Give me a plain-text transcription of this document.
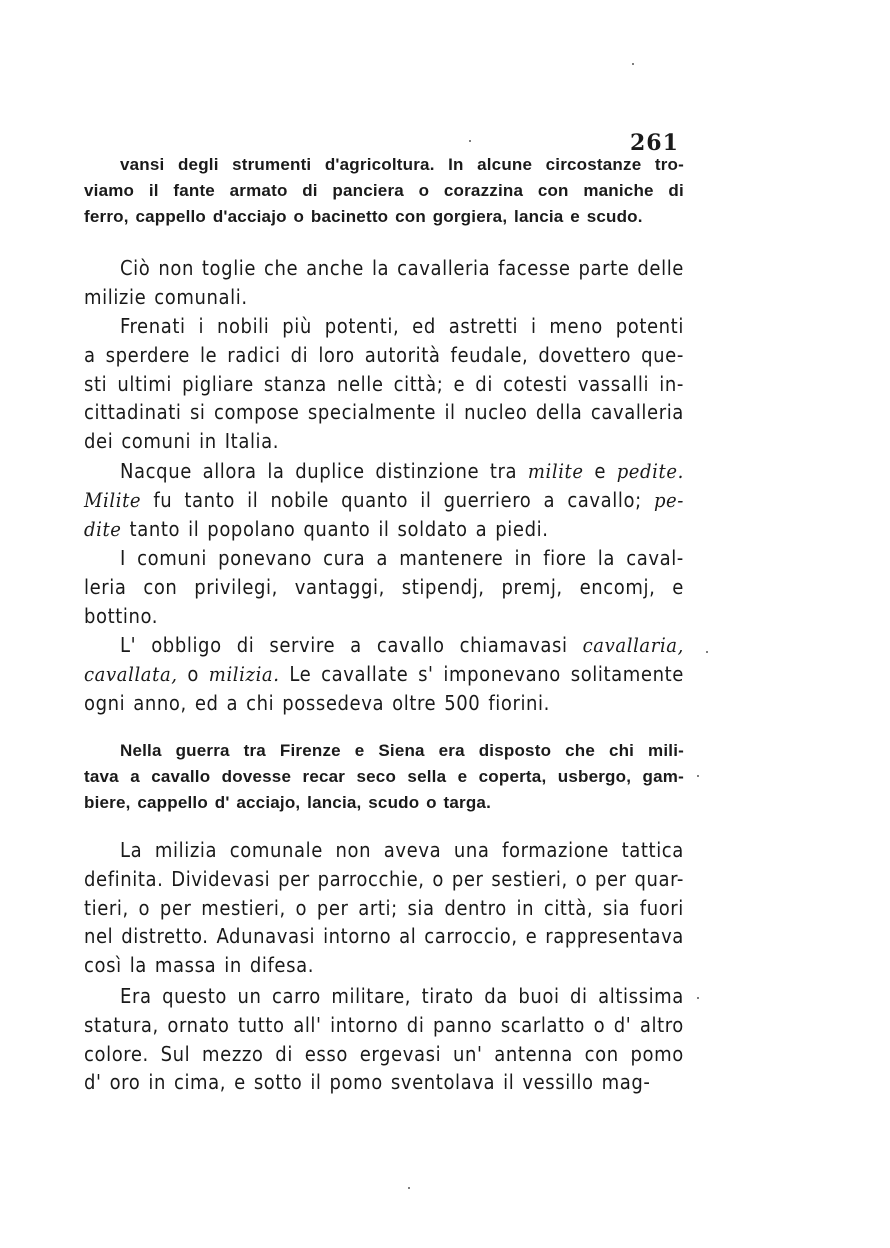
261
vansi degli strumenti d'agricoltura. In alcune circostanze tro-
viamo il fante armato di panciera o corazzina con maniche di
ferro, cappello d'acciajo o bacinetto con gorgiera, lancia e scudo.
Ciò non toglie che anche la cavalleria facesse parte delle
milizie comunali.
Frenati i nobili più potenti, ed astretti i meno potenti
a sperdere le radici di loro autorità feudale, dovettero que-
sti ultimi pigliare stanza nelle città; e di cotesti vassalli in-
cittadinati si compose specialmente il nucleo della cavalleria
dei comuni in Italia.
Nacque allora la duplice distinzione tra milite e pedite.
Milite fu tanto il nobile quanto il guerriero a cavallo; pe-
dite tanto il popolano quanto il soldato a piedi.
I comuni ponevano cura a mantenere in fiore la caval-
leria con privilegi, vantaggi, stipendj, premj, encomj, e
bottino.
L' obbligo di servire a cavallo chiamavasi cavallaria,
cavallata, o milizia. Le cavallate s' imponevano solitamente
ogni anno, ed a chi possedeva oltre 500 fiorini.
Nella guerra tra Firenze e Siena era disposto che chi mili-
tava a cavallo dovesse recar seco sella e coperta, usbergo, gam-
biere, cappello d' acciajo, lancia, scudo o targa.
La milizia comunale non aveva una formazione tattica
definita. Dividevasi per parrocchie, o per sestieri, o per quar-
tieri, o per mestieri, o per arti; sia dentro in città, sia fuori
nel distretto. Adunavasi intorno al carroccio, e rappresentava
così la massa in difesa.
Era questo un carro militare, tirato da buoi di altissima
statura, ornato tutto all' intorno di panno scarlatto o d' altro
colore. Sul mezzo di esso ergevasi un' antenna con pomo
d' oro in cima, e sotto il pomo sventolava il vessillo mag-
